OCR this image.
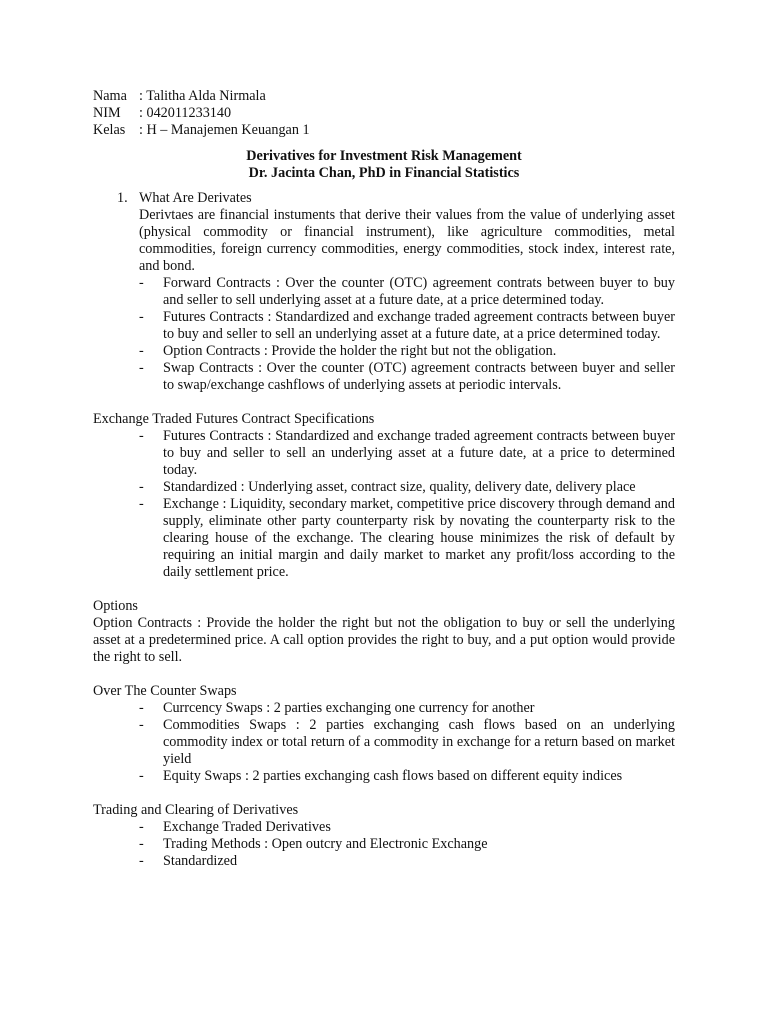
Nama : Talitha Alda Nirmala
NIM	: 042011233140
Kelas : H – Manajemen Keuangan 1
Derivatives for Investment Risk Management
Dr. Jacinta Chan, PhD in Financial Statistics
1. What Are Derivates
Derivtaes are financial instuments that derive their values from the value of underlying asset (physical commodity or financial instrument), like agriculture commodities, metal commodities, foreign currency commodities, energy commodities, stock index, interest rate, and bond.
-	Forward Contracts : Over the counter (OTC) agreement contrats between buyer to buy and seller to sell underlying asset at a future date, at a price determined today.
-	Futures Contracts : Standardized and exchange traded agreement contracts between buyer to buy and seller to sell an underlying asset at a future date, at a price determined today.
-	Option Contracts : Provide the holder the right but not the obligation.
-	Swap Contracts : Over the counter (OTC) agreement contracts between buyer and seller to swap/exchange cashflows of underlying assets at periodic intervals.
Exchange Traded Futures Contract Specifications
-	Futures Contracts : Standardized and exchange traded agreement contracts between buyer to buy and seller to sell an underlying asset at a future date, at a price to determined today.
-	Standardized : Underlying asset, contract size, quality, delivery date, delivery place
-	Exchange : Liquidity, secondary market, competitive price discovery through demand and supply, eliminate other party counterparty risk by novating the counterparty risk to the clearing house of the exchange. The clearing house minimizes the risk of default by requiring an initial margin and daily market to market any profit/loss according to the daily settlement price.
Options
Option Contracts : Provide the holder the right but not the obligation to buy or sell the underlying asset at a predetermined price. A call option provides the right to buy, and a put option would provide the right to sell.
Over The Counter Swaps
-	Currcency Swaps : 2 parties exchanging one currency for another
-	Commodities Swaps : 2 parties exchanging cash flows based on an underlying commodity index or total return of a commodity in exchange for a return based on market yield
-	Equity Swaps : 2 parties exchanging cash flows based on different equity indices
Trading and Clearing of Derivatives
-	Exchange Traded Derivatives
-	Trading Methods : Open outcry and Electronic Exchange
-	Standardized
